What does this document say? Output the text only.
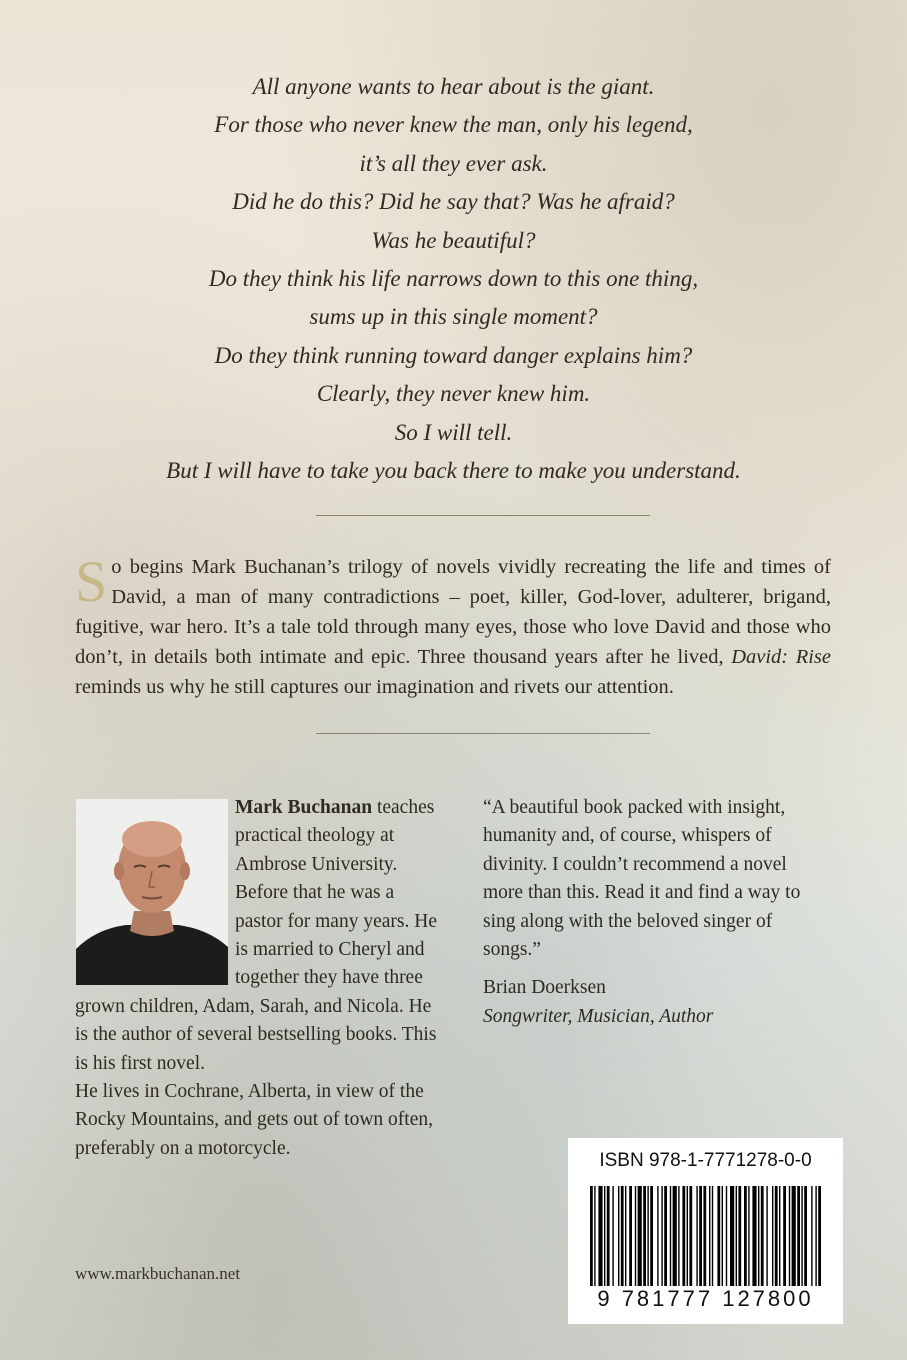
All anyone wants to hear about is the giant.
For those who never knew the man, only his legend,
it’s all they ever ask.
Did he do this? Did he say that? Was he afraid?
Was he beautiful?
Do they think his life narrows down to this one thing,
sums up in this single moment?
Do they think running toward danger explains him?
Clearly, they never knew him.
So I will tell.
But I will have to take you back there to make you understand.
So begins Mark Buchanan’s trilogy of novels vividly recreating the life and times of David, a man of many contradictions – poet, killer, God-lover, adulterer, brigand, fugitive, war hero. It’s a tale told through many eyes, those who love David and those who don’t, in details both intimate and epic. Three thousand years after he lived, David: Rise reminds us why he still captures our imagination and rivets our attention.
Mark Buchanan teaches practical theology at Ambrose University. Before that he was a pastor for many years. He is married to Cheryl and together they have three grown children, Adam, Sarah, and Nicola. He is the author of several bestselling books. This is his first novel.
He lives in Cochrane, Alberta, in view of the Rocky Mountains, and gets out of town often, preferably on a motorcycle.
“A beautiful book packed with insight, humanity and, of course, whispers of divinity. I couldn’t recommend a novel more than this. Read it and find a way to sing along with the beloved singer of songs.”
Brian Doerksen
Songwriter, Musician, Author
www.markbuchanan.net
ISBN 978-1-7771278-0-0
9 781777 127800
